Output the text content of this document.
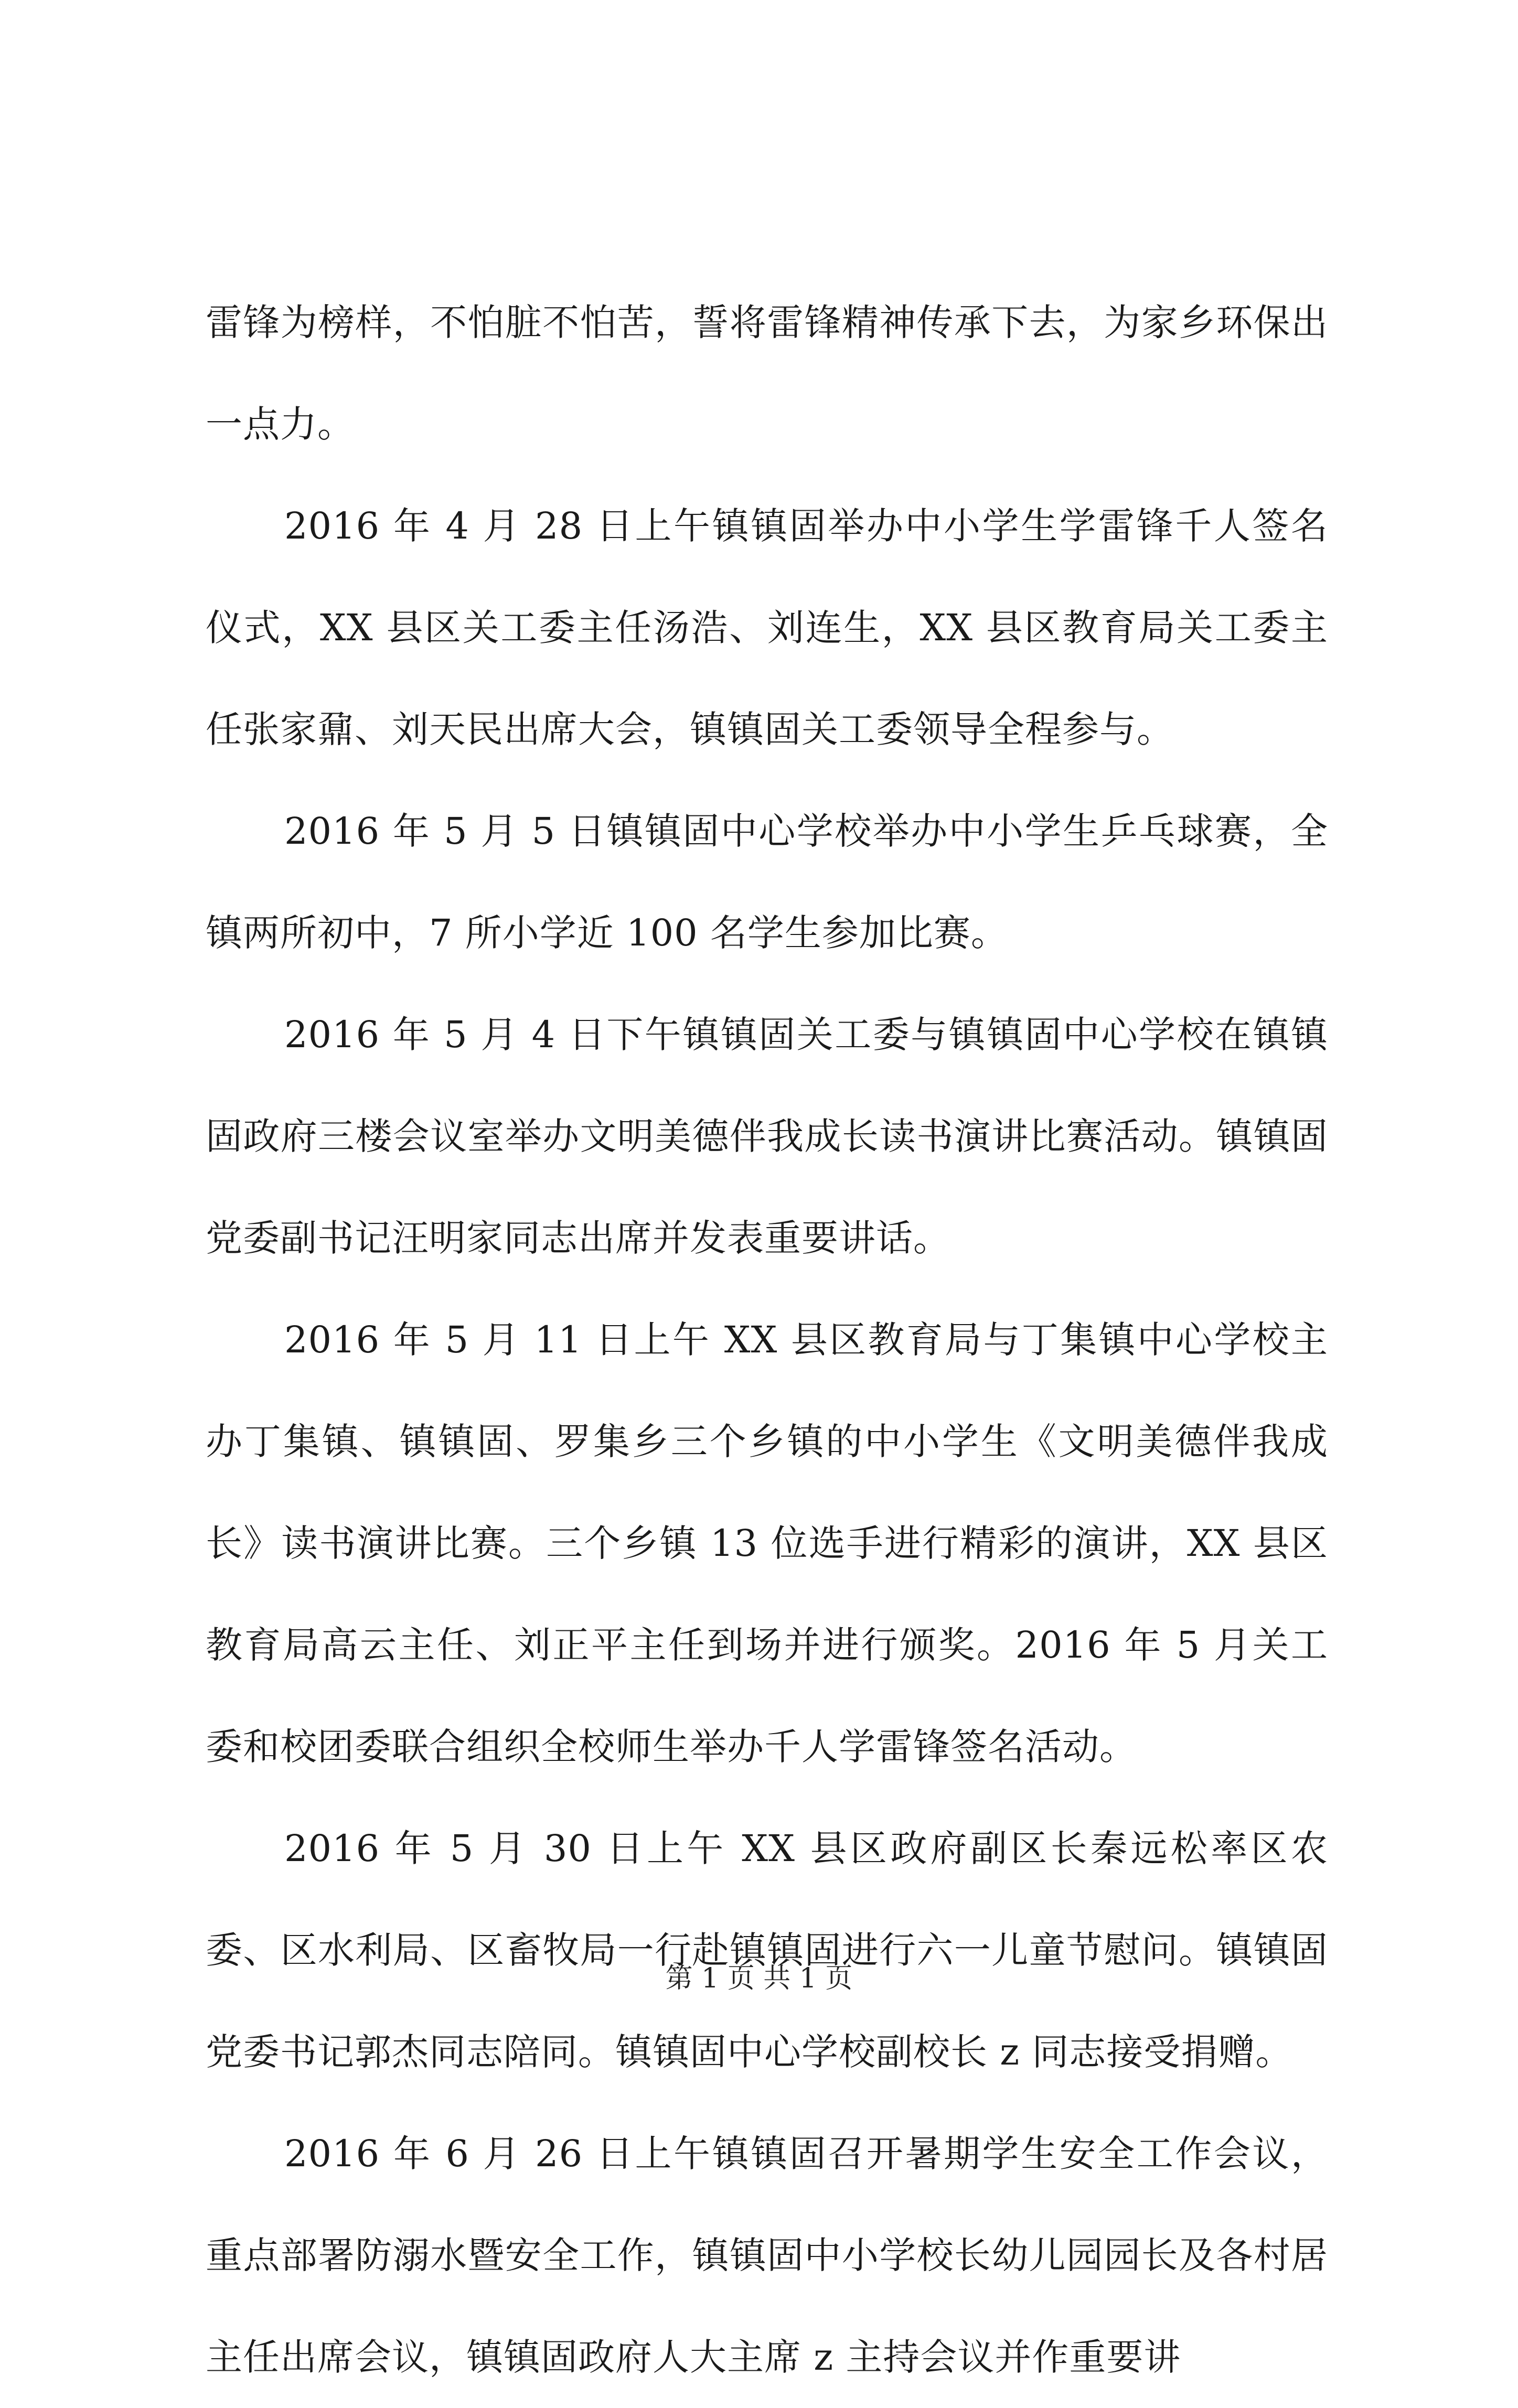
雷锋为榜样，不怕脏不怕苦，誓将雷锋精神传承下去，为家乡环保出一点力。

2016 年 4 月 28 日上午镇镇固举办中小学生学雷锋千人签名仪式，XX 县区关工委主任汤浩、刘连生，XX 县区教育局关工委主任张家鼐、刘天民出席大会，镇镇固关工委领导全程参与。

2016 年 5 月 5 日镇镇固中心学校举办中小学生乒乓球赛，全镇两所初中，7 所小学近 100 名学生参加比赛。

2016 年 5 月 4 日下午镇镇固关工委与镇镇固中心学校在镇镇固政府三楼会议室举办文明美德伴我成长读书演讲比赛活动。镇镇固党委副书记汪明家同志出席并发表重要讲话。

2016 年 5 月 11 日上午 XX 县区教育局与丁集镇中心学校主办丁集镇、镇镇固、罗集乡三个乡镇的中小学生《文明美德伴我成长》读书演讲比赛。三个乡镇 13 位选手进行精彩的演讲，XX 县区教育局高云主任、刘正平主任到场并进行颁奖。2016 年 5 月关工委和校团委联合组织全校师生举办千人学雷锋签名活动。

2016 年 5 月 30 日上午 XX 县区政府副区长秦远松率区农委、区水利局、区畜牧局一行赴镇镇固进行六一儿童节慰问。镇镇固党委书记郭杰同志陪同。镇镇固中心学校副校长 z 同志接受捐赠。

2016 年 6 月 26 日上午镇镇固召开暑期学生安全工作会议，重点部署防溺水暨安全工作，镇镇固中小学校长幼儿园园长及各村居主任出席会议，镇镇固政府人大主席 z 主持会议并作重要讲

第 1 页 共 1 页
